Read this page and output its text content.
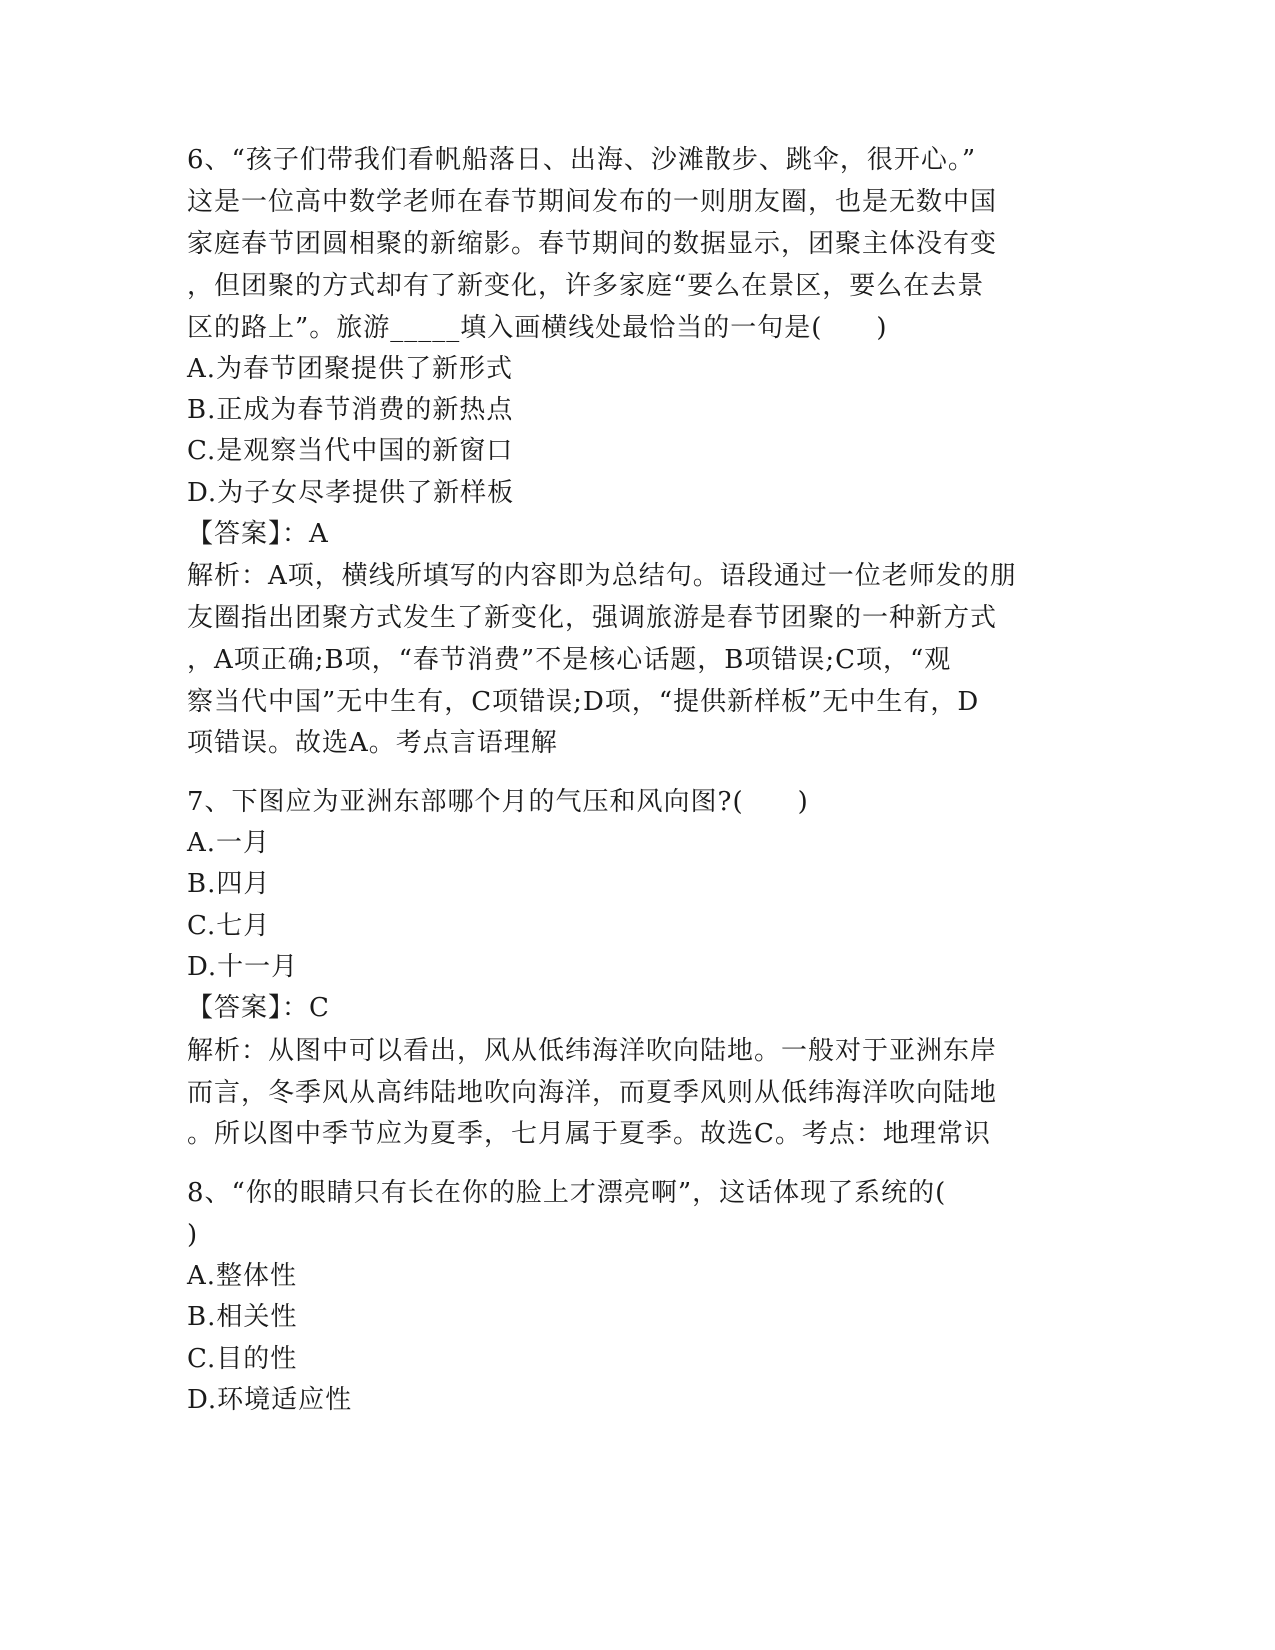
6、“孩子们带我们看帆船落日、出海、沙滩散步、跳伞，很开心。”
这是一位高中数学老师在春节期间发布的一则朋友圈，也是无数中国
家庭春节团圆相聚的新缩影。春节期间的数据显示，团聚主体没有变
，但团聚的方式却有了新变化，许多家庭“要么在景区，要么在去景
区的路上”。旅游_____填入画横线处最恰当的一句是(　　)
A.为春节团聚提供了新形式
B.正成为春节消费的新热点
C.是观察当代中国的新窗口
D.为子女尽孝提供了新样板
【答案】：A
解析：A项，横线所填写的内容即为总结句。语段通过一位老师发的朋
友圈指出团聚方式发生了新变化，强调旅游是春节团聚的一种新方式
，A项正确;B项，“春节消费”不是核心话题，B项错误;C项，“观
察当代中国”无中生有，C项错误;D项，“提供新样板”无中生有，D
项错误。故选A。考点言语理解
7、下图应为亚洲东部哪个月的气压和风向图?(　　)
A.一月
B.四月
C.七月
D.十一月
【答案】：C
解析：从图中可以看出，风从低纬海洋吹向陆地。一般对于亚洲东岸
而言，冬季风从高纬陆地吹向海洋，而夏季风则从低纬海洋吹向陆地
。所以图中季节应为夏季，七月属于夏季。故选C。考点：地理常识
8、“你的眼睛只有长在你的脸上才漂亮啊”，这话体现了系统的(
)
A.整体性
B.相关性
C.目的性
D.环境适应性
